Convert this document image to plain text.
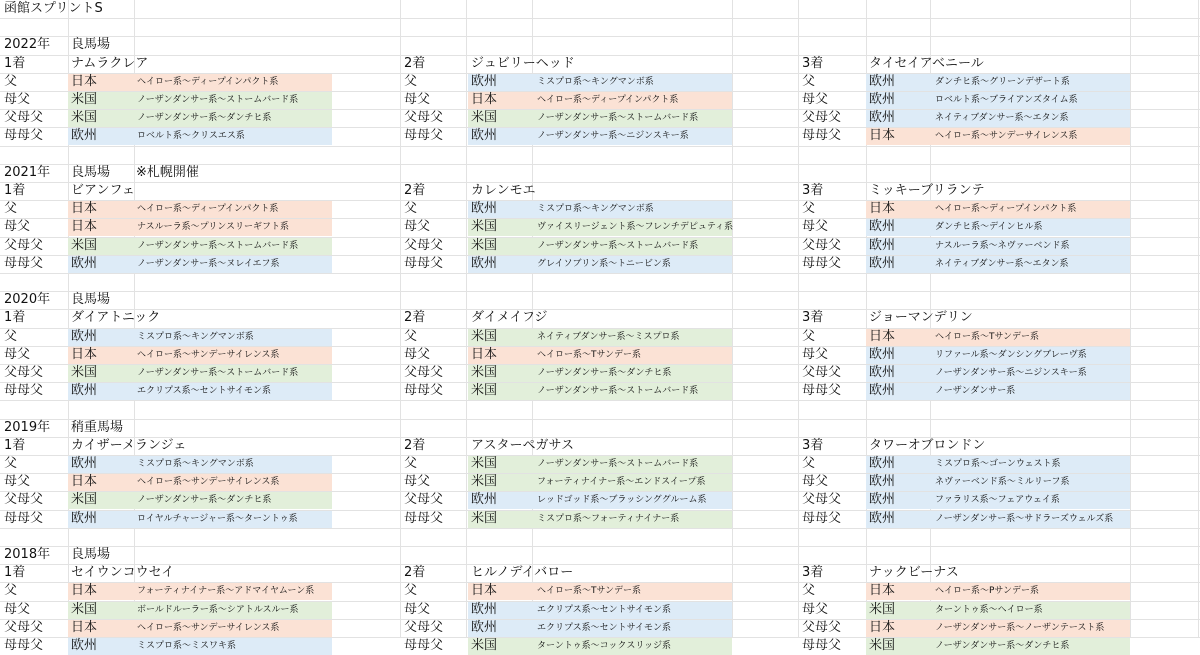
函館スプリントS
2022年 良馬場
1着	ナムラクレア
父	日本	ヘイロー系～ディープインパクト系
母父	米国	ノーザンダンサー系～ストームバード系
父母父 米国	ノーザンダンサー系～ダンチヒ系
母母父 欧州	ロベルト系～クリスエス系
2着	ジュビリーヘッド
父	欧州	ミスプロ系～キングマンボ系
母父	日本	ヘイロー系～ディープインパクト系
父母父 米国	ノーザンダンサー系～ストームバード系
母母父 欧州	ノーザンダンサー系～ニジンスキー系
3着	タイセイアベニール
父	欧州	ダンチヒ系～グリーンデザート系
母父	欧州	ロベルト系～ブライアンズタイム系
父母父 欧州	ネイティブダンサー系～エタン系
母母父 日本	ヘイロー系～サンデーサイレンス系
2021年 良馬場 ※札幌開催
1着	ビアンフェ
父	日本	ヘイロー系～ディープインパクト系
母父	日本	ナスルーラ系～プリンスリーギフト系
父母父 米国	ノーザンダンサー系～ストームバード系
母母父 欧州	ノーザンダンサー系～ヌレイエフ系
2着	カレンモエ
父	欧州	ミスプロ系～キングマンボ系
母父	米国	ヴァイスリージェント系～フレンチデピュティ系
父母父 米国	ノーザンダンサー系～ストームバード系
母母父 欧州	グレイソブリン系～トニービン系
3着	ミッキーブリランテ
父	日本	ヘイロー系～ディープインパクト系
母父	欧州	ダンチヒ系～デインヒル系
父母父 欧州	ナスルーラ系～ネヴァーベンド系
母母父 欧州	ネイティブダンサー系～エタン系
2020年 良馬場
1着	ダイアトニック
父	欧州	ミスプロ系～キングマンボ系
母父	日本	ヘイロー系～サンデーサイレンス系
父母父 米国	ノーザンダンサー系～ストームバード系
母母父 欧州	エクリプス系～セントサイモン系
2着	ダイメイフジ
父	米国	ネイティブダンサー系～ミスプロ系
母父	日本	ヘイロー系～Tサンデー系
父母父 米国	ノーザンダンサー系～ダンチヒ系
母母父 米国	ノーザンダンサー系～ストームバード系
3着	ジョーマンデリン
父	日本	ヘイロー系～Tサンデー系
母父	欧州	リファール系～ダンシングブレーヴ系
父母父 欧州	ノーザンダンサー系～ニジンスキー系
母母父 欧州	ノーザンダンサー系
2019年 稍重馬場
1着	カイザーメランジェ
父	欧州	ミスプロ系～キングマンボ系
母父	日本	ヘイロー系～サンデーサイレンス系
父母父 米国	ノーザンダンサー系～ダンチヒ系
母母父 欧州	ロイヤルチャージャー系～ターントゥ系
2着	アスターペガサス
父	米国	ノーザンダンサー系～ストームバード系
母父	米国	フォーティナイナー系～エンドスイープ系
父母父 欧州	レッドゴッド系～ブラッシンググルーム系
母母父 米国	ミスプロ系～フォーティナイナー系
3着	タワーオブロンドン
父	欧州	ミスプロ系～ゴーンウェスト系
母父	欧州	ネヴァーベンド系～ミルリーフ系
父母父 欧州	ファラリス系～フェアウェイ系
母母父 欧州	ノーザンダンサー系～サドラーズウェルズ系
2018年 良馬場
1着	セイウンコウセイ
父	日本	フォーティナイナー系～アドマイヤムーン系
母父	米国	ボールドルーラー系～シアトルスルー系
父母父 日本	ヘイロー系～サンデーサイレンス系
母母父 欧州	ミスプロ系～ミスワキ系
2着	ヒルノデイバロー
父	日本	ヘイロー系～Tサンデー系
母父	欧州	エクリプス系～セントサイモン系
父母父 欧州	エクリプス系～セントサイモン系
母母父 米国	ターントゥ系～コックスリッジ系
3着	ナックビーナス
父	日本	ヘイロー系～Pサンデー系
母父	米国	ターントゥ系～ヘイロー系
父母父 日本	ノーザンダンサー系～ノーザンテースト系
母母父 米国	ノーザンダンサー系～ダンチヒ系
